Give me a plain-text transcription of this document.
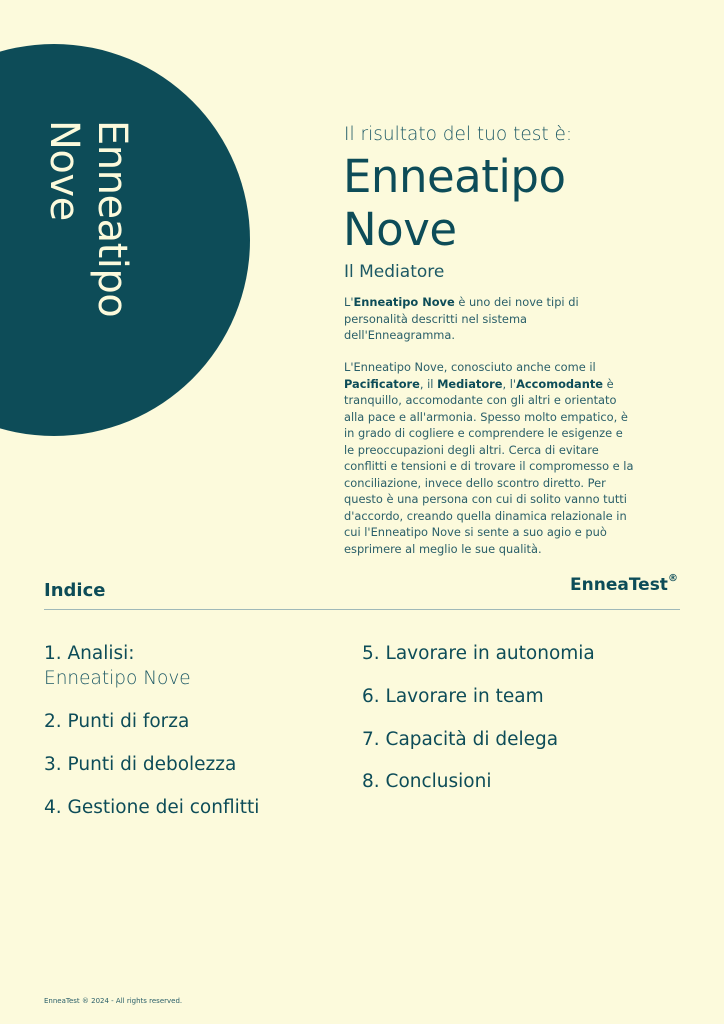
Enneatipo
Nove	Il risultato del tuo test è:
Enneatipo
Nove
Il Mediatore
L'Enneatipo Nove è uno dei nove tipi di personalità descritti nel sistema dell'Enneagramma.
L'Enneatipo Nove, conosciuto anche come il Pacificatore, il Mediatore, l'Accomodante è tranquillo, accomodante con gli altri e orientato alla pace e all'armonia. Spesso molto empatico, è in grado di cogliere e comprendere le esigenze e le preoccupazioni degli altri. Cerca di evitare conflitti e tensioni e di trovare il compromesso e la conciliazione, invece dello scontro diretto. Per questo è una persona con cui di solito vanno tutti d'accordo, creando quella dinamica relazionale in cui l'Enneatipo Nove si sente a suo agio e può esprimere al meglio le sue qualità.
Indice	EnneaTest®
1. Analisi:
Enneatipo Nove
2. Punti di forza
3. Punti di debolezza
4. Gestione dei conflitti
5. Lavorare in autonomia
6. Lavorare in team
7. Capacità di delega
8. Conclusioni
EnneaTest ® 2024 - All rights reserved.
